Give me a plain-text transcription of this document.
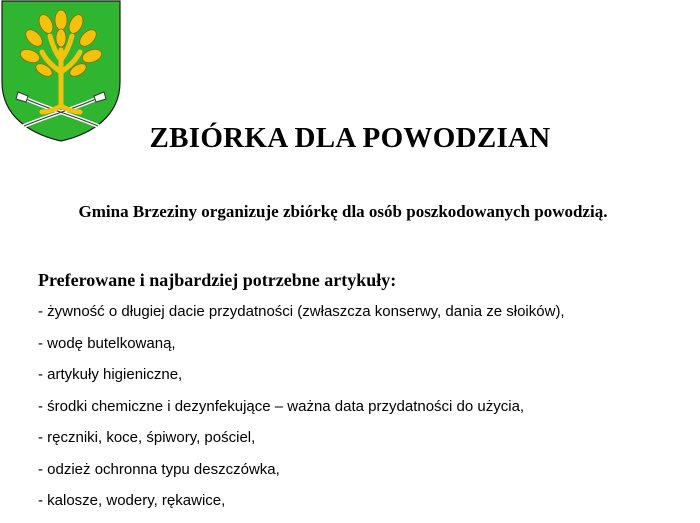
ZBIÓRKA DLA POWODZIAN

Gmina Brzeziny organizuje zbiórkę dla osób poszkodowanych powodzią.

Preferowane i najbardziej potrzebne artykuły:
- żywność o długiej dacie przydatności (zwłaszcza konserwy, dania ze słoików),
- wodę butelkowaną,
- artykuły higieniczne,
- środki chemiczne i dezynfekujące – ważna data przydatności do użycia,
- ręczniki, koce, śpiwory, pościel,
- odzież ochronna typu deszczówka,
- kalosze, wodery, rękawice,
